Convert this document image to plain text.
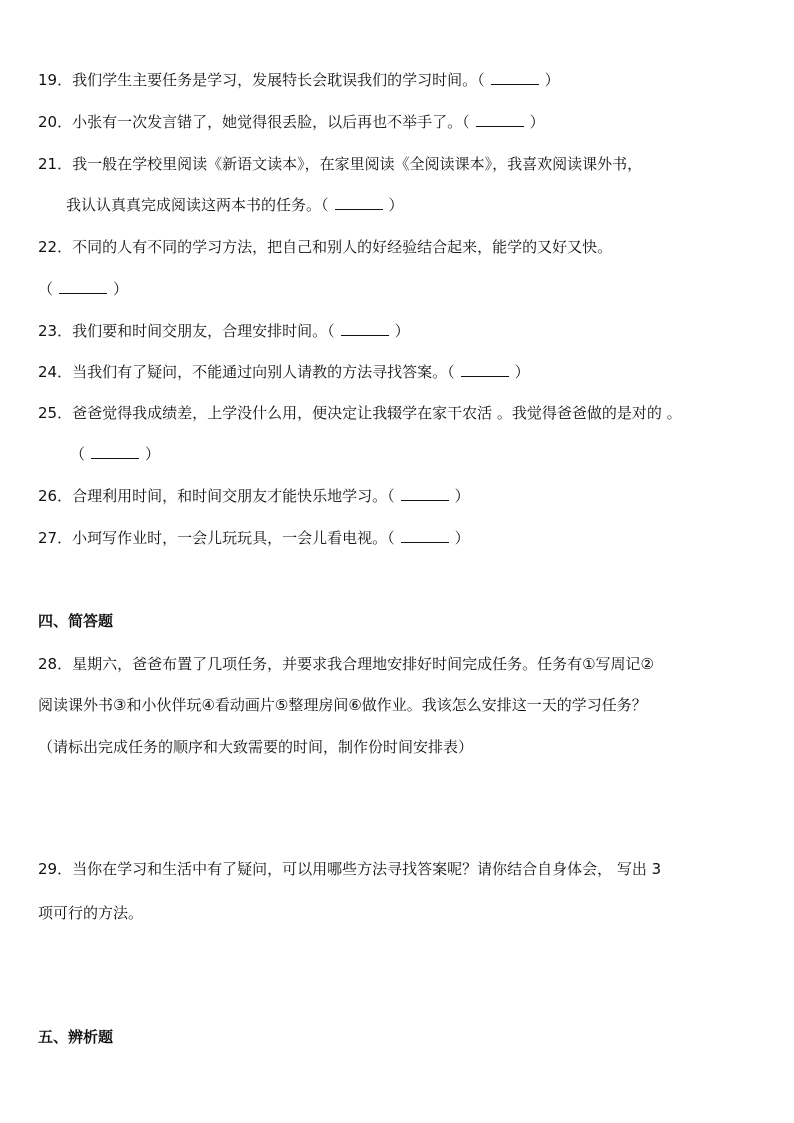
19．我们学生主要任务是学习，发展特长会耽误我们的学习时间。（	）
20．小张有一次发言错了，她觉得很丢脸，以后再也不举手了。（	）
21．我一般在学校里阅读《新语文读本》，在家里阅读《全阅读课本》，我喜欢阅读课外书，
我认认真真完成阅读这两本书的任务。（	）
22．不同的人有不同的学习方法，把自己和别人的好经验结合起来，能学的又好又快。
（	）
23．我们要和时间交朋友，合理安排时间。（	）
24．当我们有了疑问，不能通过向别人请教的方法寻找答案。（	）
25．爸爸觉得我成绩差，上学没什么用，便决定让我辍学在家干农活 。我觉得爸爸做的是对的 。
（	）
26．合理利用时间，和时间交朋友才能快乐地学习。（	）
27．小珂写作业时，一会儿玩玩具，一会儿看电视。（	）
四、简答题
28．星期六，爸爸布置了几项任务，并要求我合理地安排好时间完成任务。任务有①写周记②
阅读课外书③和小伙伴玩④看动画片⑤整理房间⑥做作业。我该怎么安排这一天的学习任务？
（请标出完成任务的顺序和大致需要的时间，制作份时间安排表）
29．当你在学习和生活中有了疑问，可以用哪些方法寻找答案呢？请你结合自身体会， 写出 3
项可行的方法。
五、辨析题
